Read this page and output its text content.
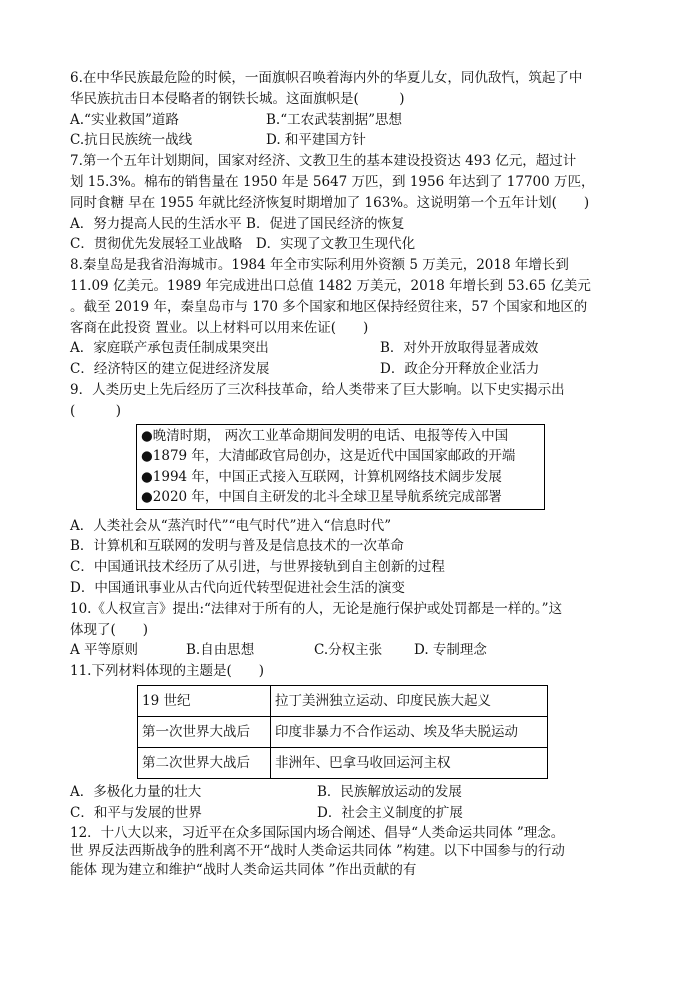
6.在中华民族最危险的时候，一面旗帜召唤着海内外的华夏儿女，同仇敌忾，筑起了中
华民族抗击日本侵略者的钢铁长城。这面旗帜是(　　　)
A.“实业救国”道路	B.“工农武装割据”思想
C.抗日民族统一战线	D. 和平建国方针
7.第一个五年计划期间，国家对经济、文教卫生的基本建设投资达 493 亿元，超过计
划 15.3%。棉布的销售量在 1950 年是 5647 万匹，到 1956 年达到了 17700 万匹，
同时食糖 早在 1955 年就比经济恢复时期增加了 163%。这说明第一个五年计划(　　)
A．努力提高人民的生活水平 B．促进了国民经济的恢复
C．贯彻优先发展轻工业战略　D．实现了文教卫生现代化
8.秦皇岛是我省沿海城市。1984 年全市实际利用外资额 5 万美元，2018 年增长到
11.09 亿美元。1989 年完成进出口总值 1482 万美元，2018 年增长到 53.65 亿美元
。截至 2019 年，秦皇岛市与 170 多个国家和地区保持经贸往来，57 个国家和地区的
客商在此投资 置业。以上材料可以用来佐证(　　)
A．家庭联产承包责任制成果突出	B．对外开放取得显著成效
C．经济特区的建立促进经济发展	D．政企分开释放企业活力
9．人类历史上先后经历了三次科技革命，给人类带来了巨大影响。以下史实揭示出
(　　　)
●晚清时期， 两次工业革命期间发明的电话、电报等传入中国
●1879 年，大清邮政官局创办，这是近代中国国家邮政的开端
●1994 年，中国正式接入互联网，计算机网络技术阔步发展
●2020 年，中国自主研发的北斗全球卫星导航系统完成部署
A．人类社会从“蒸汽时代”“电气时代”进入“信息时代”
B．计算机和互联网的发明与普及是信息技术的一次革命
C．中国通讯技术经历了从引进，与世界接轨到自主创新的过程
D．中国通讯事业从古代向近代转型促进社会生活的演变
10.《人权宣言》提出:“法律对于所有的人，无论是施行保护或处罚都是一样的。”这
体现了(　　)
A 平等原则	B.自由思想	C.分权主张	D. 专制理念
11.下列材料体现的主题是(　　)
19 世纪	拉丁美洲独立运动、印度民族大起义
第一次世界大战后	印度非暴力不合作运动、埃及华夫脱运动
第二次世界大战后	非洲年、巴拿马收回运河主权
A．多极化力量的壮大	B．民族解放运动的发展
C．和平与发展的世界	D．社会主义制度的扩展
12．十八大以来，习近平在众多国际国内场合阐述、倡导“人类命运共同体 ”理念。
世 界反法西斯战争的胜利离不开“战时人类命运共同体 ”构建。以下中国参与的行动
能体 现为建立和维护“战时人类命运共同体 ”作出贡献的有
